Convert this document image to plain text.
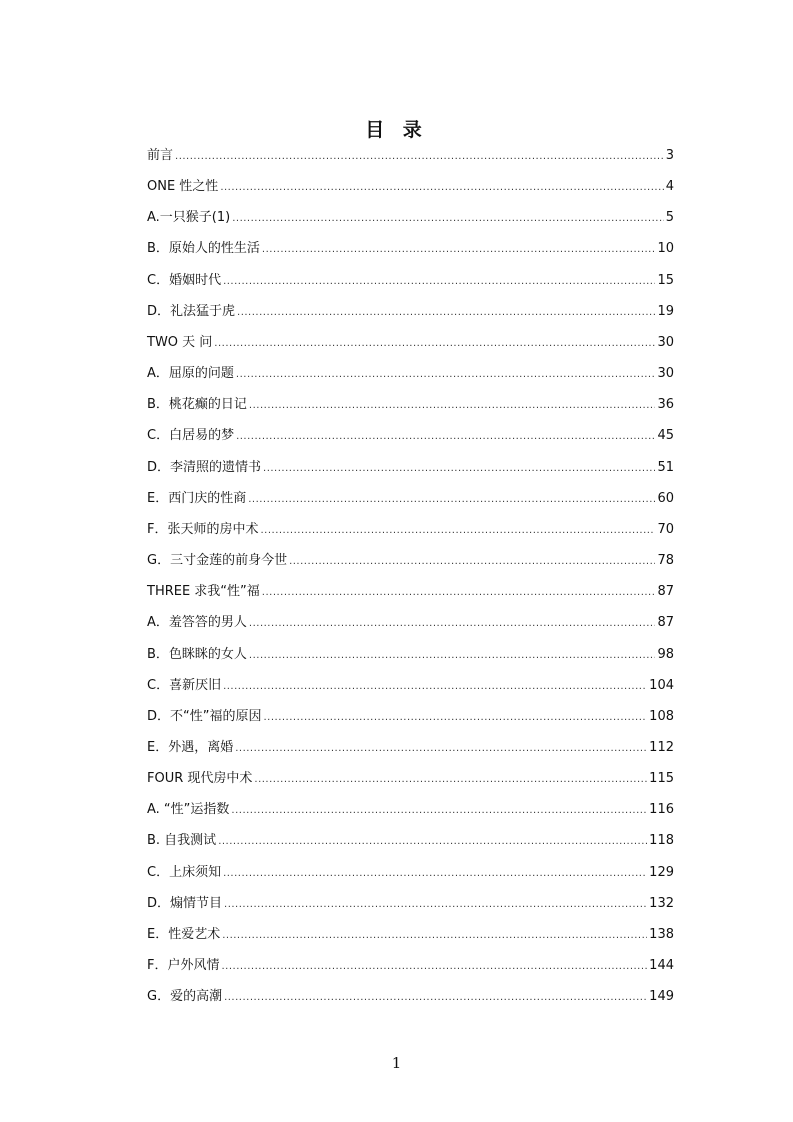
目 录
前言 .....	3
ONE 性之性 .....	4
A.一只猴子(1) .....	5
B．原始人的性生活 .....	10
C．婚姻时代 .....	15
D．礼法猛于虎 .....	19
TWO 天 问 .....	30
A．屈原的问题 .....	30
B．桃花癫的日记 .....	36
C．白居易的梦 .....	45
D．李清照的遗情书 .....	51
E．西门庆的性商 .....	60
F．张天师的房中术 .....	70
G．三寸金莲的前身今世 .....	78
THREE 求我“性”福 .....	87
A．羞答答的男人 .....	87
B．色眯眯的女人 .....	98
C．喜新厌旧 .....	104
D．不“性”福的原因 .....	108
E．外遇，离婚 .....	112
FOUR 现代房中术 .....	115
A. “性”运指数 .....	116
B. 自我测试 .....	118
C．上床须知 .....	129
D．煽情节目 .....	132
E．性爱艺术 .....	138
F．户外风情 .....	144
G．爱的高潮 .....	149
1
